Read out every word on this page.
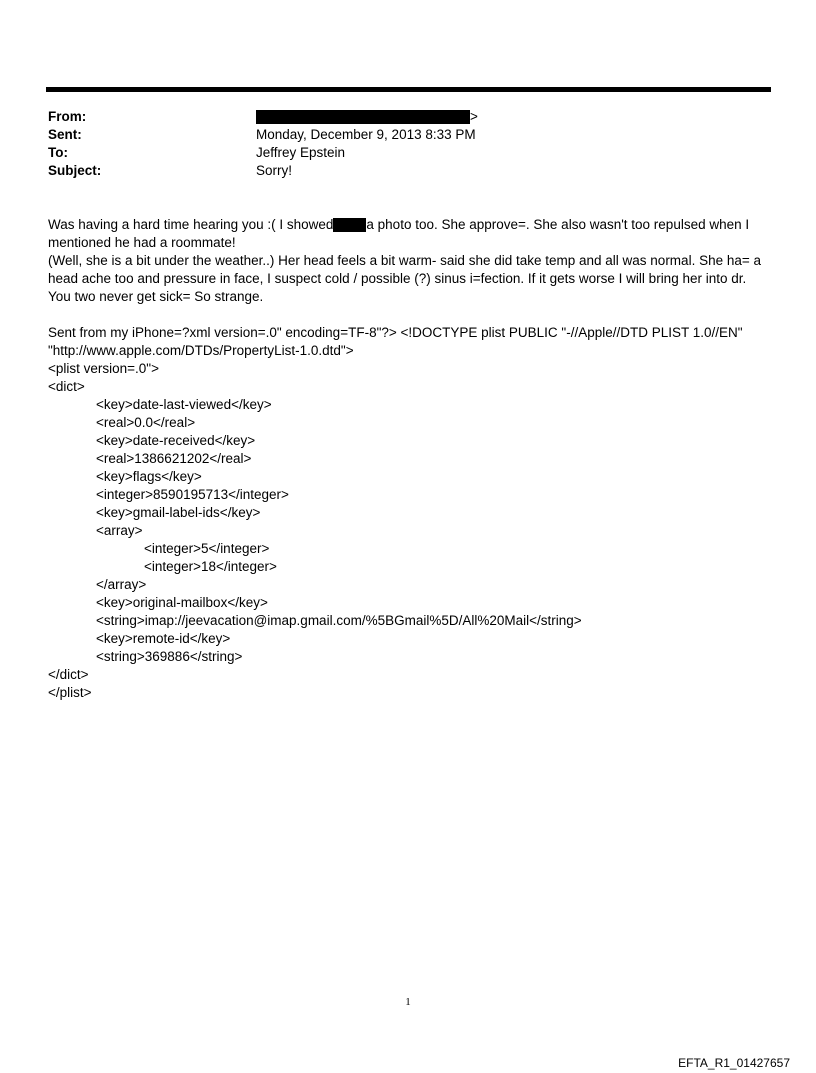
From:	>
Sent:	Monday, December 9, 2013 8:33 PM
To:	Jeffrey Epstein
Subject:	Sorry!

Was having a hard time hearing you :( I showed a photo too. She approve=. She also wasn't too repulsed when I mentioned he had a roommate!

(Well, she is a bit under the weather..) Her head feels a bit warm- said she did take temp and all was normal. She ha= a head ache too and pressure in face, I suspect cold / possible (?) sinus i=fection. If it gets worse I will bring her into dr. You two never get sick= So strange.

Sent from my iPhone=?xml version=.0" encoding=TF-8"?> <!DOCTYPE plist PUBLIC "-//Apple//DTD PLIST 1.0//EN" "http://www.apple.com/DTDs/PropertyList-1.0.dtd">

<plist version=.0">

<dict>

<key>date-last-viewed</key>

<real>0.0</real>

<key>date-received</key>

<real>1386621202</real>

<key>flags</key>

<integer>8590195713</integer>

<key>gmail-label-ids</key>

<array>

<integer>5</integer>

<integer>18</integer>

</array>

<key>original-mailbox</key>

<string>imap://jeevacation@imap.gmail.com/%5BGmail%5D/All%20Mail</string>

<key>remote-id</key>

<string>369886</string>

</dict>

</plist>

1
EFTA_R1_01427657
